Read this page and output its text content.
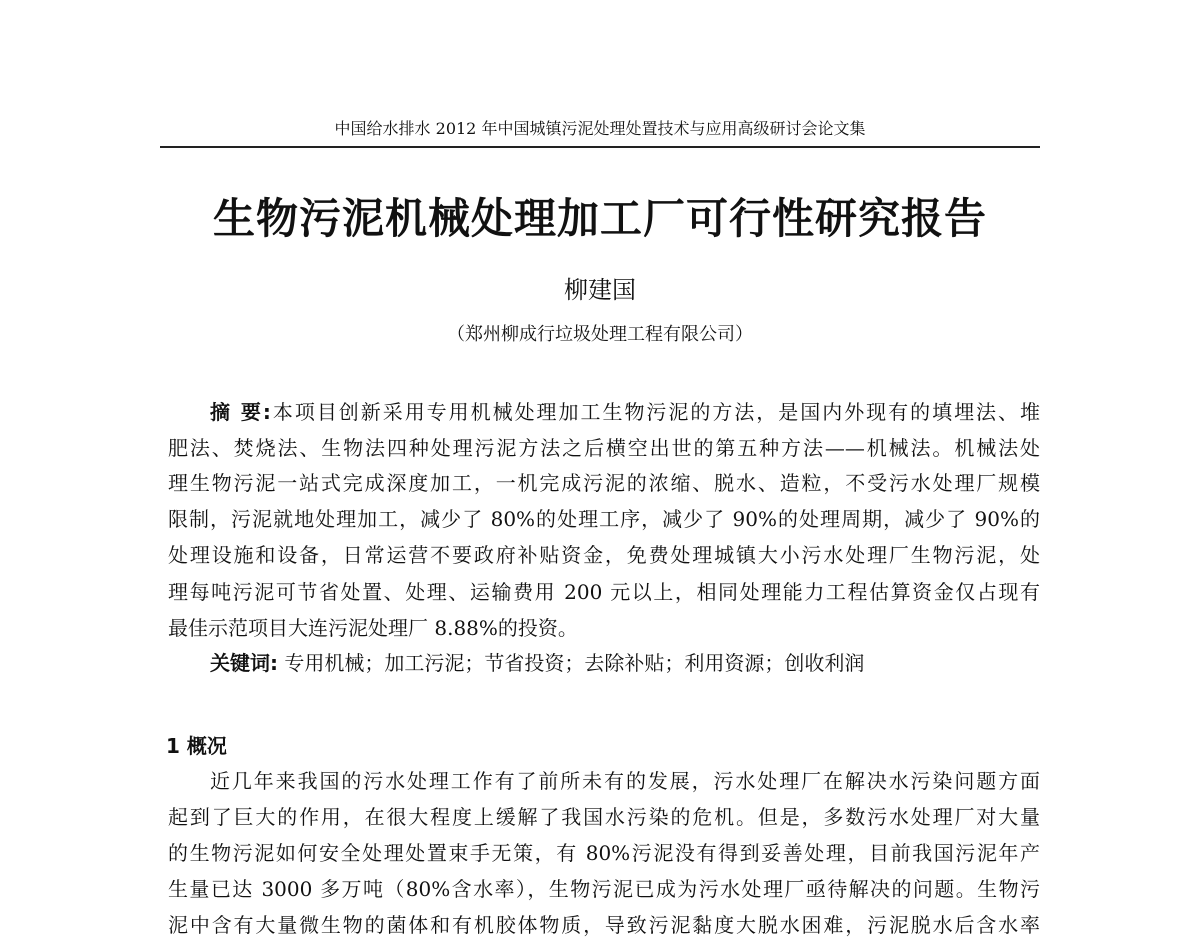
中国给水排水 2012 年中国城镇污泥处理处置技术与应用高级研讨会论文集
生物污泥机械处理加工厂可行性研究报告
柳建国
（郑州柳成行垃圾处理工程有限公司）
摘 要:本项目创新采用专用机械处理加工生物污泥的方法，是国内外现有的填埋法、堆
肥法、焚烧法、生物法四种处理污泥方法之后横空出世的第五种方法——机械法。机械法处
理生物污泥一站式完成深度加工，一机完成污泥的浓缩、脱水、造粒，不受污水处理厂规模
限制，污泥就地处理加工，减少了 80%的处理工序，减少了 90%的处理周期，减少了 90%的
处理设施和设备，日常运营不要政府补贴资金，免费处理城镇大小污水处理厂生物污泥，处
理每吨污泥可节省处置、处理、运输费用 200 元以上，相同处理能力工程估算资金仅占现有
最佳示范项目大连污泥处理厂 8.88%的投资。
关键词: 专用机械；加工污泥；节省投资；去除补贴；利用资源；创收利润
1 概况
近几年来我国的污水处理工作有了前所未有的发展，污水处理厂在解决水污染问题方面
起到了巨大的作用，在很大程度上缓解了我国水污染的危机。但是，多数污水处理厂对大量
的生物污泥如何安全处理处置束手无策，有 80%污泥没有得到妥善处理，目前我国污泥年产
生量已达 3000 多万吨（80%含水率），生物污泥已成为污水处理厂亟待解决的问题。生物污
泥中含有大量微生物的菌体和有机胶体物质，导致污泥黏度大脱水困难，污泥脱水后含水率
